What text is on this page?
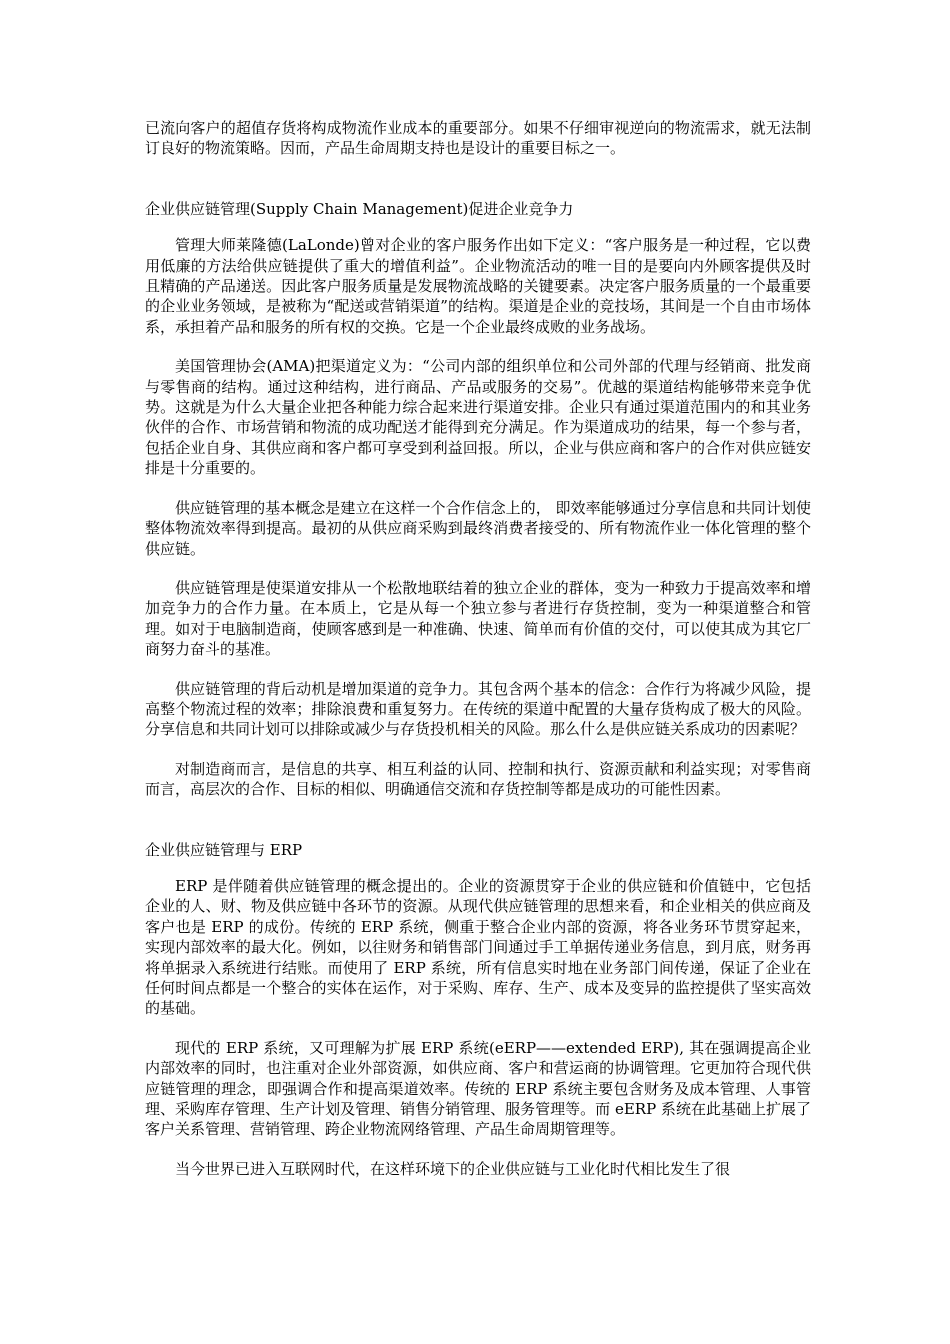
已流向客户的超值存货将构成物流作业成本的重要部分。如果不仔细审视逆向的物流需求，就无法制订良好的物流策略。因而，产品生命周期支持也是设计的重要目标之一。

企业供应链管理(Supply Chain Management)促进企业竞争力

管理大师莱隆德(LaLonde)曾对企业的客户服务作出如下定义：“客户服务是一种过程，它以费用低廉的方法给供应链提供了重大的增值利益”。企业物流活动的唯一目的是要向内外顾客提供及时且精确的产品递送。因此客户服务质量是发展物流战略的关键要素。决定客户服务质量的一个最重要的企业业务领域，是被称为“配送或营销渠道”的结构。渠道是企业的竞技场，其间是一个自由市场体系，承担着产品和服务的所有权的交换。它是一个企业最终成败的业务战场。

美国管理协会(AMA)把渠道定义为：“公司内部的组织单位和公司外部的代理与经销商、批发商与零售商的结构。通过这种结构，进行商品、产品或服务的交易”。优越的渠道结构能够带来竞争优势。这就是为什么大量企业把各种能力综合起来进行渠道安排。企业只有通过渠道范围内的和其业务伙伴的合作、市场营销和物流的成功配送才能得到充分满足。作为渠道成功的结果，每一个参与者，包括企业自身、其供应商和客户都可享受到利益回报。所以，企业与供应商和客户的合作对供应链安排是十分重要的。

供应链管理的基本概念是建立在这样一个合作信念上的， 即效率能够通过分享信息和共同计划使整体物流效率得到提高。最初的从供应商采购到最终消费者接受的、所有物流作业一体化管理的整个供应链。

供应链管理是使渠道安排从一个松散地联结着的独立企业的群体，变为一种致力于提高效率和增加竞争力的合作力量。在本质上，它是从每一个独立参与者进行存货控制，变为一种渠道整合和管理。如对于电脑制造商，使顾客感到是一种准确、快速、简单而有价值的交付，可以使其成为其它厂商努力奋斗的基准。

供应链管理的背后动机是增加渠道的竞争力。其包含两个基本的信念：合作行为将减少风险，提高整个物流过程的效率；排除浪费和重复努力。在传统的渠道中配置的大量存货构成了极大的风险。分享信息和共同计划可以排除或减少与存货投机相关的风险。那么什么是供应链关系成功的因素呢？

对制造商而言，是信息的共享、相互利益的认同、控制和执行、资源贡献和利益实现；对零售商而言，高层次的合作、目标的相似、明确通信交流和存货控制等都是成功的可能性因素。

企业供应链管理与 ERP

ERP 是伴随着供应链管理的概念提出的。企业的资源贯穿于企业的供应链和价值链中，它包括企业的人、财、物及供应链中各环节的资源。从现代供应链管理的思想来看，和企业相关的供应商及客户也是 ERP 的成份。传统的 ERP 系统，侧重于整合企业内部的资源，将各业务环节贯穿起来，实现内部效率的最大化。例如，以往财务和销售部门间通过手工单据传递业务信息，到月底，财务再将单据录入系统进行结账。而使用了 ERP 系统，所有信息实时地在业务部门间传递，保证了企业在任何时间点都是一个整合的实体在运作，对于采购、库存、生产、成本及变异的监控提供了坚实高效的基础。

现代的 ERP 系统，又可理解为扩展 ERP 系统(eERP——extended ERP), 其在强调提高企业内部效率的同时，也注重对企业外部资源，如供应商、客户和营运商的协调管理。它更加符合现代供应链管理的理念，即强调合作和提高渠道效率。传统的 ERP 系统主要包含财务及成本管理、人事管理、采购库存管理、生产计划及管理、销售分销管理、服务管理等。而 eERP 系统在此基础上扩展了客户关系管理、营销管理、跨企业物流网络管理、产品生命周期管理等。

当今世界已进入互联网时代，在这样环境下的企业供应链与工业化时代相比发生了很
